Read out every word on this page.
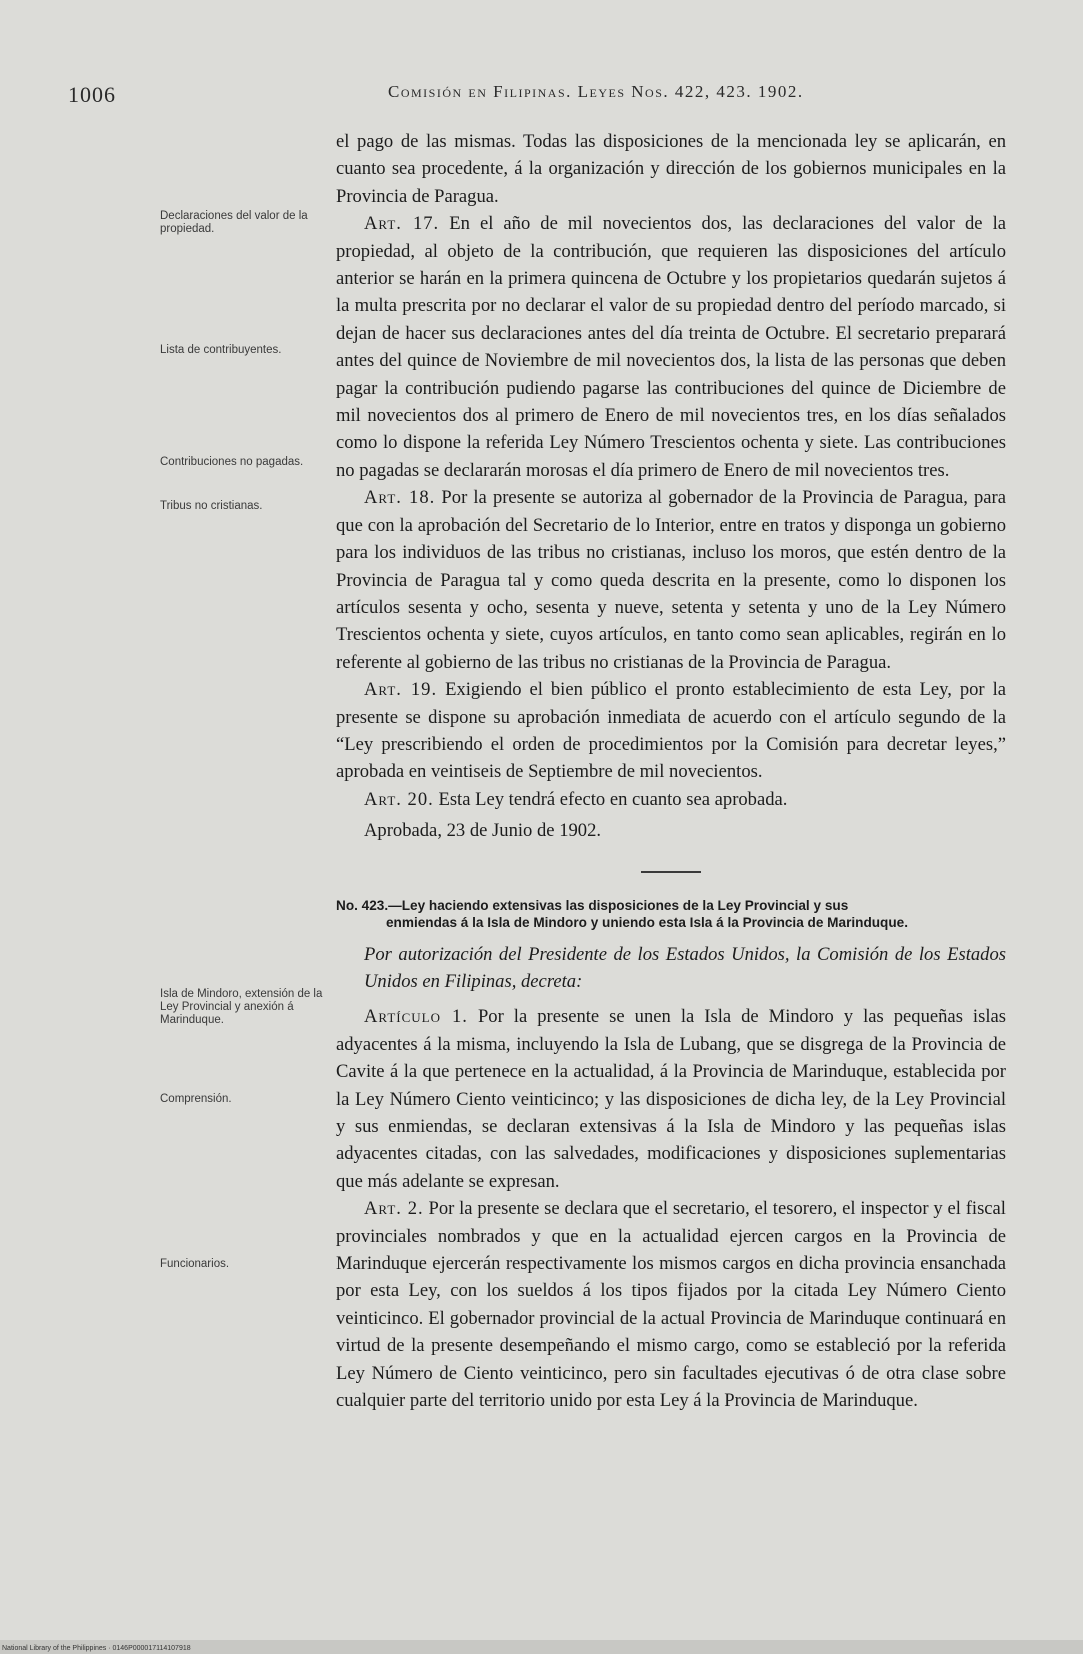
1006	Comisión en Filipinas. Leyes Nos. 422, 423. 1902.
Declaraciones del valor de la propiedad.
Lista de contribuyentes.
Contribuciones no pagadas.
Tribus no cristianas.
Isla de Mindoro, extensión de la Ley Provincial y anexión á Marinduque.
Comprensión.
Funcionarios.

el pago de las mismas. Todas las disposiciones de la mencionada ley se aplicarán, en cuanto sea procedente, á la organización y dirección de los gobiernos municipales en la Provincia de Paragua.

Art. 17. En el año de mil novecientos dos, las declaraciones del valor de la propiedad, al objeto de la contribución, que requieren las disposiciones del artículo anterior se harán en la primera quincena de Octubre y los propietarios quedarán sujetos á la multa prescrita por no declarar el valor de su propiedad dentro del período marcado, si dejan de hacer sus declaraciones antes del día treinta de Octubre. El secretario preparará antes del quince de Noviembre de mil novecientos dos, la lista de las personas que deben pagar la contribución pudiendo pagarse las contribuciones del quince de Diciembre de mil novecientos dos al primero de Enero de mil novecientos tres, en los días señalados como lo dispone la referida Ley Número Trescientos ochenta y siete. Las contribuciones no pagadas se declararán morosas el día primero de Enero de mil novecientos tres.

Art. 18. Por la presente se autoriza al gobernador de la Provincia de Paragua, para que con la aprobación del Secretario de lo Interior, entre en tratos y disponga un gobierno para los individuos de las tribus no cristianas, incluso los moros, que estén dentro de la Provincia de Paragua tal y como queda descrita en la presente, como lo disponen los artículos sesenta y ocho, sesenta y nueve, setenta y setenta y uno de la Ley Número Trescientos ochenta y siete, cuyos artículos, en tanto como sean aplicables, regirán en lo referente al gobierno de las tribus no cristianas de la Provincia de Paragua.

Art. 19. Exigiendo el bien público el pronto establecimiento de esta Ley, por la presente se dispone su aprobación inmediata de acuerdo con el artículo segundo de la “Ley prescribiendo el orden de procedimientos por la Comisión para decretar leyes,” aprobada en veintiseis de Septiembre de mil novecientos.

Art. 20. Esta Ley tendrá efecto en cuanto sea aprobada.

Aprobada, 23 de Junio de 1902.

No. 423.—Ley haciendo extensivas las disposiciones de la Ley Provincial y sus
enmiendas á la Isla de Mindoro y uniendo esta Isla á la Provincia de Marinduque.

Por autorización del Presidente de los Estados Unidos, la Comisión de los Estados Unidos en Filipinas, decreta:

Artículo 1. Por la presente se unen la Isla de Mindoro y las pequeñas islas adyacentes á la misma, incluyendo la Isla de Lubang, que se disgrega de la Provincia de Cavite á la que pertenece en la actualidad, á la Provincia de Marinduque, establecida por la Ley Número Ciento veinticinco; y las disposiciones de dicha ley, de la Ley Provincial y sus enmiendas, se declaran extensivas á la Isla de Mindoro y las pequeñas islas adyacentes citadas, con las salvedades, modificaciones y disposiciones suplementarias que más adelante se expresan.

Art. 2. Por la presente se declara que el secretario, el tesorero, el inspector y el fiscal provinciales nombrados y que en la actualidad ejercen cargos en la Provincia de Marinduque ejercerán respectivamente los mismos cargos en dicha provincia ensanchada por esta Ley, con los sueldos á los tipos fijados por la citada Ley Número Ciento veinticinco. El gobernador provincial de la actual Provincia de Marinduque continuará en virtud de la presente desempeñando el mismo cargo, como se estableció por la referida Ley Número de Ciento veinticinco, pero sin facultades ejecutivas ó de otra clase sobre cualquier parte del territorio unido por esta Ley á la Provincia de Marinduque.

National Library of the Philippines · 0146P000017114107918
